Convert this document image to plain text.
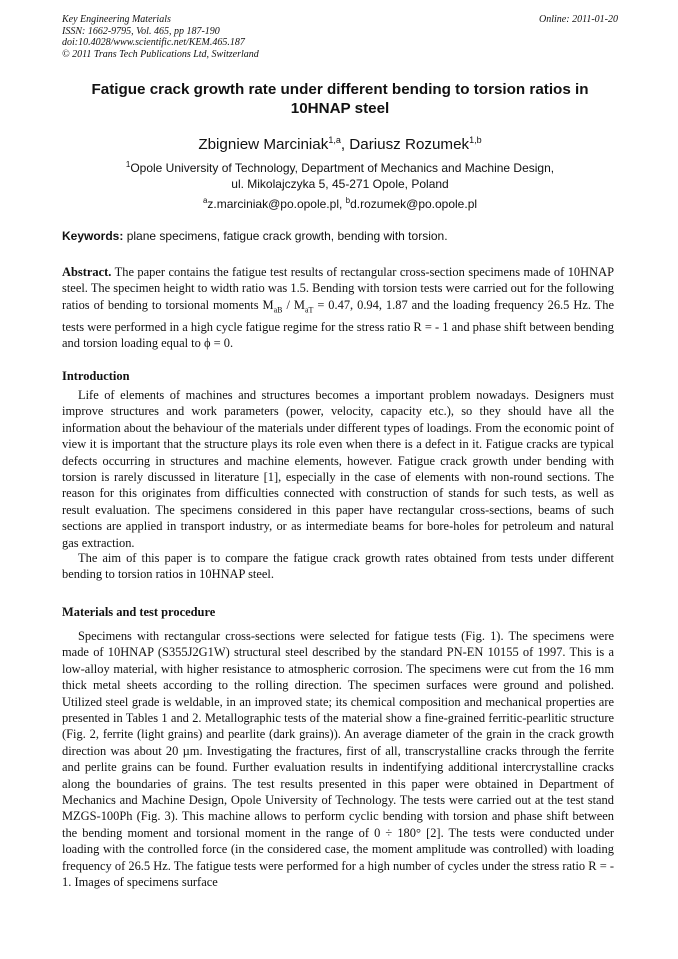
Key Engineering Materials
ISSN: 1662-9795, Vol. 465, pp 187-190
doi:10.4028/www.scientific.net/KEM.465.187
© 2011 Trans Tech Publications Ltd, Switzerland
Online: 2011-01-20
Fatigue crack growth rate under different bending to torsion ratios in
10HNAP steel
Zbigniew Marciniak$^{1,a}$, Dariusz Rozumek$^{1,b}$
$^1$Opole University of Technology, Department of Mechanics and Machine Design,
ul. Mikolajczyka 5, 45-271 Opole, Poland
$^a$z.marciniak@po.opole.pl, $^b$d.rozumek@po.opole.pl
Keywords: plane specimens, fatigue crack growth, bending with torsion.
Abstract. The paper contains the fatigue test results of rectangular cross-section specimens made of 10HNAP steel. The specimen height to width ratio was 1.5. Bending with torsion tests were carried out for the following ratios of bending to torsional moments $M_{aB} / M_{aT} = 0.47$, 0.94, 1.87 and the loading frequency 26.5 Hz. The tests were performed in a high cycle fatigue regime for the stress ratio R = - 1 and phase shift between bending and torsion loading equal to ϕ = 0.
Introduction
Life of elements of machines and structures becomes a important problem nowadays. Designers must improve structures and work parameters (power, velocity, capacity etc.), so they should have all the information about the behaviour of the materials under different types of loadings. From the economic point of view it is important that the structure plays its role even when there is a defect in it. Fatigue cracks are typical defects occurring in structures and machine elements, however. Fatigue crack growth under bending with torsion is rarely discussed in literature [1], especially in the case of elements with non-round sections. The reason for this originates from difficulties connected with construction of stands for such tests, as well as result evaluation. The specimens considered in this paper have rectangular cross-sections, beams of such sections are applied in transport industry, or as intermediate beams for bore-holes for petroleum and natural gas extraction.
The aim of this paper is to compare the fatigue crack growth rates obtained from tests under different bending to torsion ratios in 10HNAP steel.
Materials and test procedure
Specimens with rectangular cross-sections were selected for fatigue tests (Fig. 1). The specimens were made of 10HNAP (S355J2G1W) structural steel described by the standard PN-EN 10155 of 1997. This is a low-alloy material, with higher resistance to atmospheric corrosion. The specimens were cut from the 16 mm thick metal sheets according to the rolling direction. The specimen surfaces were ground and polished. Utilized steel grade is weldable, in an improved state; its chemical composition and mechanical properties are presented in Tables 1 and 2. Metallographic tests of the material show a fine-grained ferritic-pearlitic structure (Fig. 2, ferrite (light grains) and pearlite (dark grains)). An average diameter of the grain in the crack growth direction was about 20 µm. Investigating the fractures, first of all, transcrystalline cracks through the ferrite and perlite grains can be found. Further evaluation results in indentifying additional intercrystalline cracks along the boundaries of grains. The test results presented in this paper were obtained in Department of Mechanics and Machine Design, Opole University of Technology. The tests were carried out at the test stand MZGS-100Ph (Fig. 3). This machine allows to perform cyclic bending with torsion and phase shift between the bending moment and torsional moment in the range of 0 ÷ 180° [2]. The tests were conducted under loading with the controlled force (in the considered case, the moment amplitude was controlled) with loading frequency of 26.5 Hz. The fatigue tests were performed for a high number of cycles under the stress ratio R = - 1. Images of specimens surface
